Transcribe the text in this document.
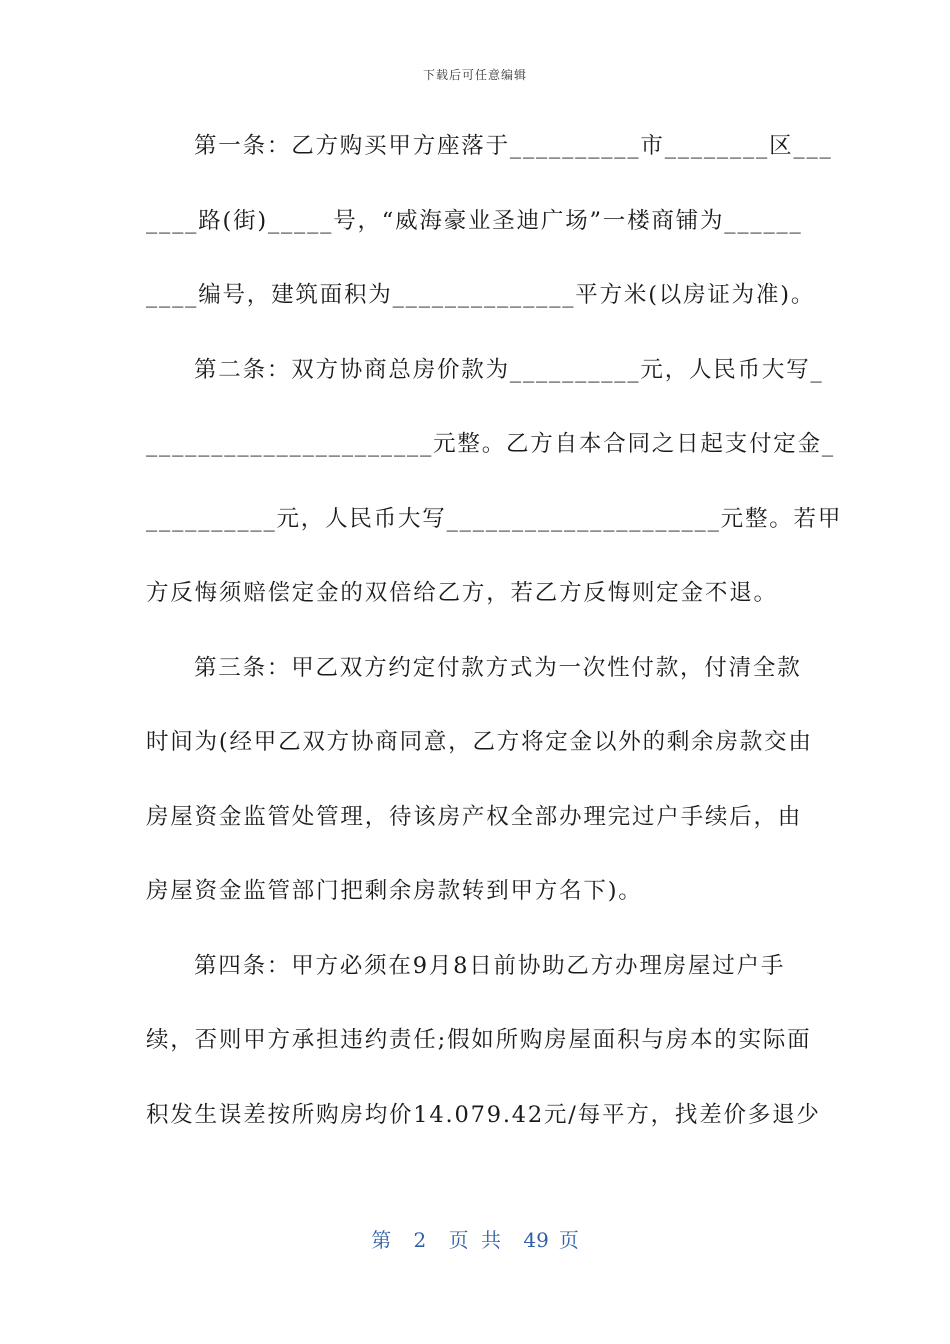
下载后可任意编辑
第一条：乙方购买甲方座落于__________市________区___
____路(街)_____号，“威海豪业圣迪广场”一楼商铺为______
____编号，建筑面积为______________平方米(以房证为准)。
第二条：双方协商总房价款为__________元，人民币大写_
______________________元整。乙方自本合同之日起支付定金_
__________元，人民币大写_____________________元整。若甲
方反悔须赔偿定金的双倍给乙方，若乙方反悔则定金不退。
第三条：甲乙双方约定付款方式为一次性付款，付清全款
时间为(经甲乙双方协商同意，乙方将定金以外的剩余房款交由
房屋资金监管处管理，待该房产权全部办理完过户手续后，由
房屋资金监管部门把剩余房款转到甲方名下)。
第四条：甲方必须在9月8日前协助乙方办理房屋过户手
续，否则甲方承担违约责任;假如所购房屋面积与房本的实际面
积发生误差按所购房均价14.079.42元/每平方，找差价多退少
第 2 页 共 49 页
